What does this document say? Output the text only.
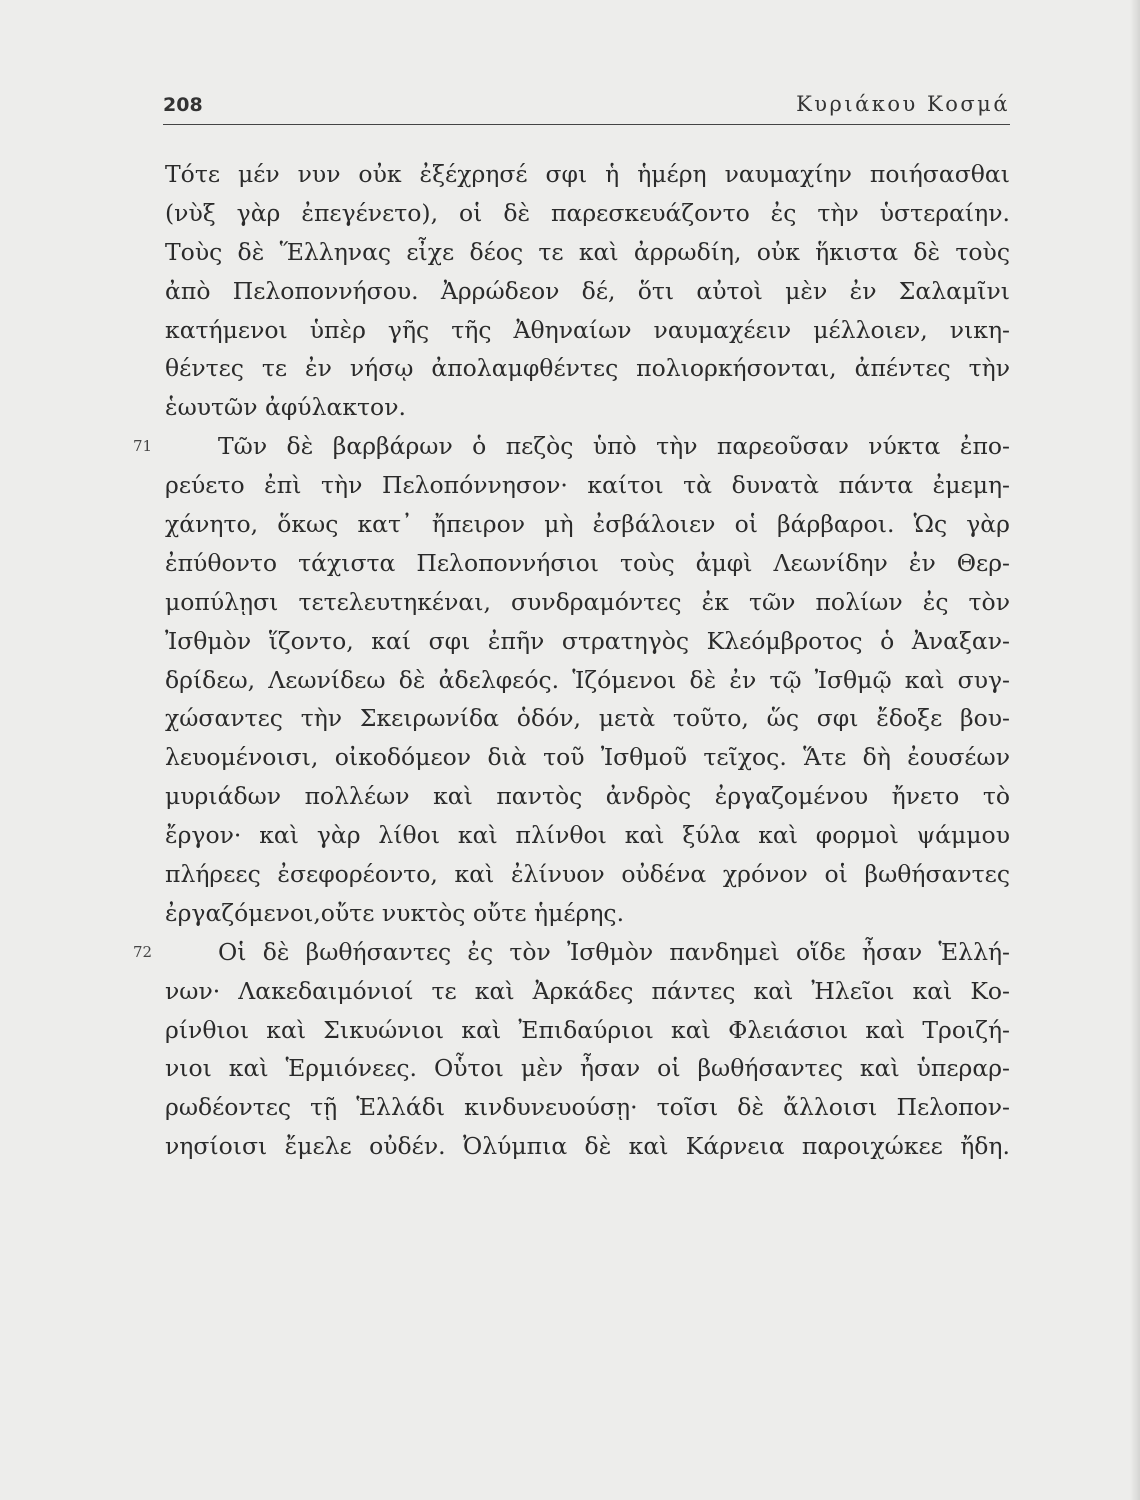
208	Κυριάκου Κοσμά
Τότε μέν νυν οὐκ ἐξέχρησέ σφι ἡ ἡμέρη ναυμαχίην ποιήσασθαι
(νὺξ γὰρ ἐπεγένετο), οἱ δὲ παρεσκευάζοντο ἐς τὴν ὑστεραίην.
Τοὺς δὲ Ἕλληνας εἶχε δέος τε καὶ ἀρρωδίη, οὐκ ἥκιστα δὲ τοὺς
ἀπὸ Πελοποννήσου. Ἀρρώδεον δέ, ὅτι αὐτοὶ μὲν ἐν Σαλαμῖνι
κατήμενοι ὑπὲρ γῆς τῆς Ἀθηναίων ναυμαχέειν μέλλοιεν, νικη-
θέντες τε ἐν νήσῳ ἀπολαμφθέντες πολιορκήσονται, ἀπέντες τὴν
ἑωυτῶν ἀφύλακτον.
71	Τῶν δὲ βαρβάρων ὁ πεζὸς ὑπὸ τὴν παρεοῦσαν νύκτα ἐπο-
ρεύετο ἐπὶ τὴν Πελοπόννησον· καίτοι τὰ δυνατὰ πάντα ἐμεμη-
χάνητο, ὅκως κατ᾽ ἤπειρον μὴ ἐσβάλοιεν οἱ βάρβαροι. Ὡς γὰρ
ἐπύθοντο τάχιστα Πελοποννήσιοι τοὺς ἀμφὶ Λεωνίδην ἐν Θερ-
μοπύλῃσι τετελευτηκέναι, συνδραμόντες ἐκ τῶν πολίων ἐς τὸν
Ἰσθμὸν ἵζοντο, καί σφι ἐπῆν στρατηγὸς Κλεόμβροτος ὁ Ἀναξαν-
δρίδεω, Λεωνίδεω δὲ ἀδελφεός. Ἱζόμενοι δὲ ἐν τῷ Ἰσθμῷ καὶ συγ-
χώσαντες τὴν Σκειρωνίδα ὁδόν, μετὰ τοῦτο, ὥς σφι ἔδοξε βου-
λευομένοισι, οἰκοδόμεον διὰ τοῦ Ἰσθμοῦ τεῖχος. Ἅτε δὴ ἐουσέων
μυριάδων πολλέων καὶ παντὸς ἀνδρὸς ἐργαζομένου ἤνετο τὸ
ἔργον· καὶ γὰρ λίθοι καὶ πλίνθοι καὶ ξύλα καὶ φορμοὶ ψάμμου
πλήρεες ἐσεφορέοντο, καὶ ἐλίνυον οὐδένα χρόνον οἱ βωθήσαντες
ἐργαζόμενοι,οὔτε νυκτὸς οὔτε ἡμέρης.
72	Οἱ δὲ βωθήσαντες ἐς τὸν Ἰσθμὸν πανδημεὶ οἵδε ἦσαν Ἑλλή-
νων· Λακεδαιμόνιοί τε καὶ Ἀρκάδες πάντες καὶ Ἠλεῖοι καὶ Κο-
ρίνθιοι καὶ Σικυώνιοι καὶ Ἐπιδαύριοι καὶ Φλειάσιοι καὶ Τροιζή-
νιοι καὶ Ἑρμιόνεες. Οὗτοι μὲν ἦσαν οἱ βωθήσαντες καὶ ὑπεραρ-
ρωδέοντες τῇ Ἑλλάδι κινδυνευούσῃ· τοῖσι δὲ ἄλλοισι Πελοπον-
νησίοισι ἔμελε οὐδέν. Ὀλύμπια δὲ καὶ Κάρνεια παροιχώκεε ἤδη.
